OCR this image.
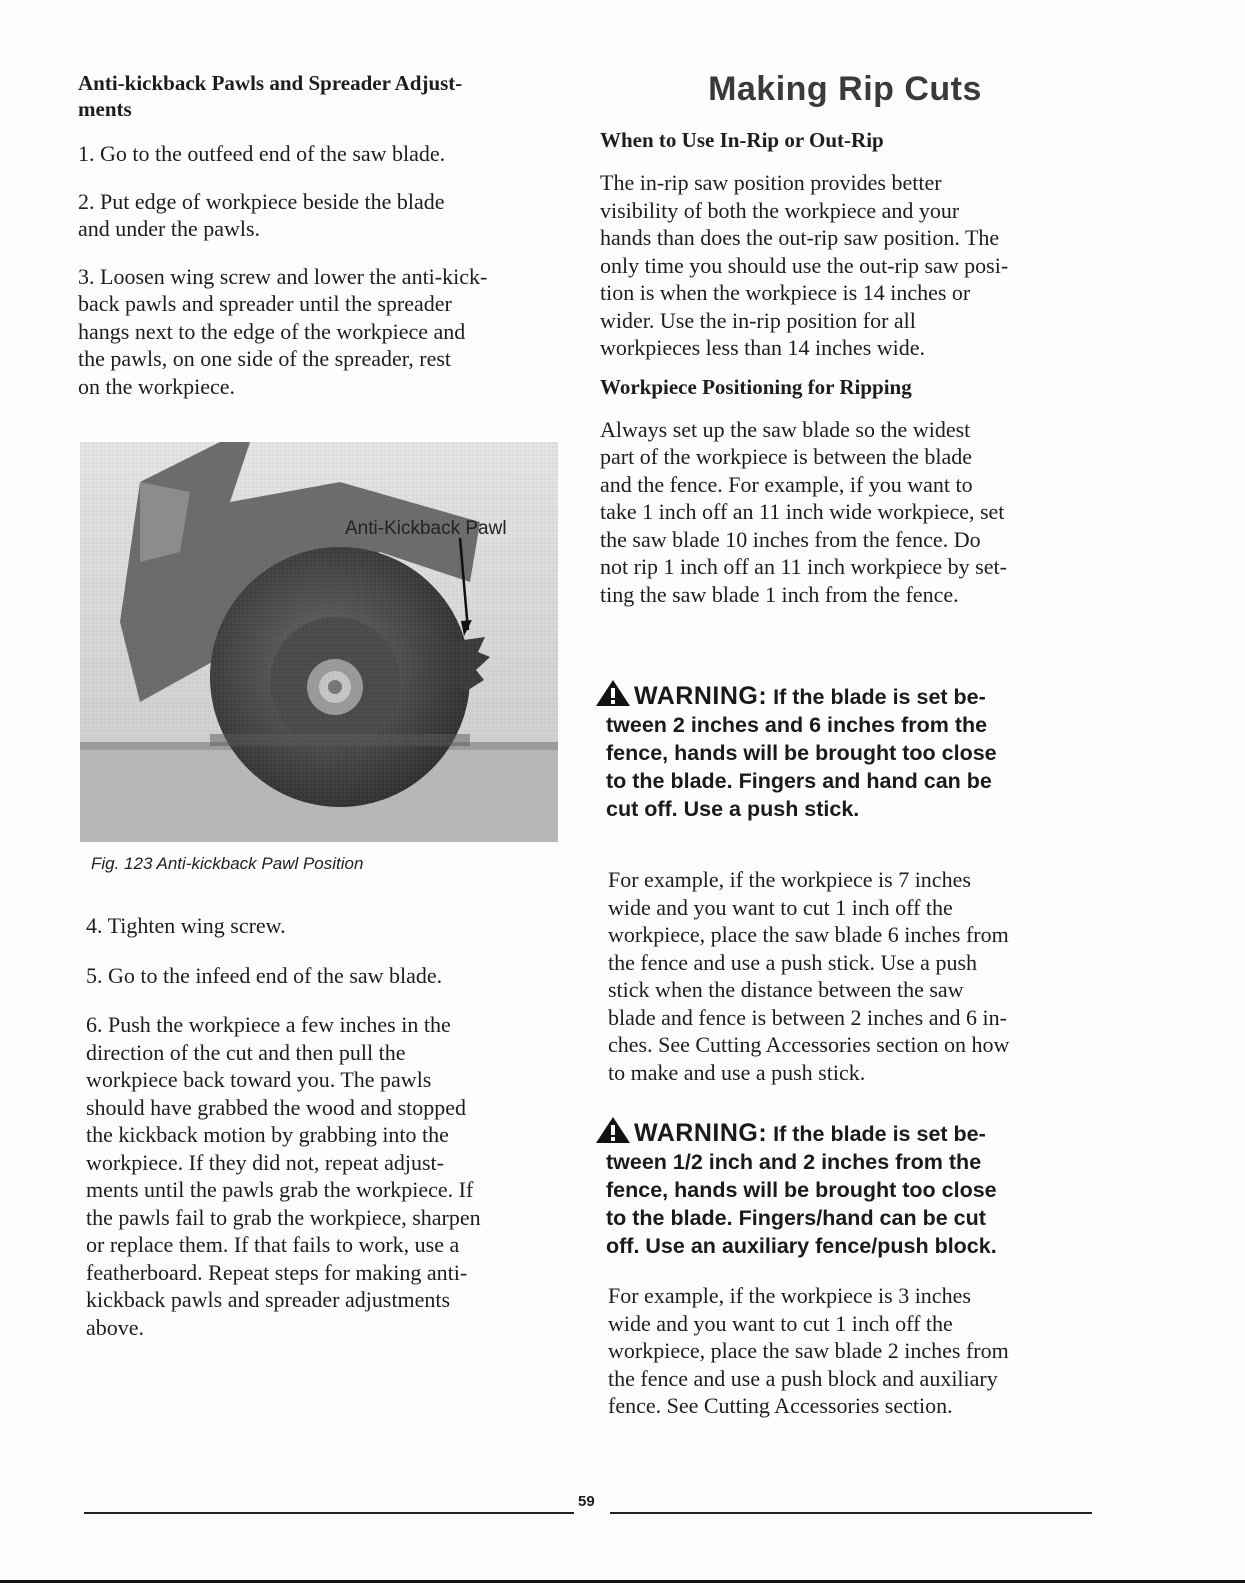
Anti-kickback Pawls and Spreader Adjust-
ments

1. Go to the outfeed end of the saw blade.

2. Put edge of workpiece beside the blade
and under the pawls.

3. Loosen wing screw and lower the anti-kick-
back pawls and spreader until the spreader
hangs next to the edge of the workpiece and
the pawls, on one side of the spreader, rest
on the workpiece.

Anti-Kickback Pawl
Fig. 123 Anti-kickback Pawl Position

4. Tighten wing screw.

5. Go to the infeed end of the saw blade.

6. Push the workpiece a few inches in the
direction of the cut and then pull the
workpiece back toward you. The pawls
should have grabbed the wood and stopped
the kickback motion by grabbing into the
workpiece. If they did not, repeat adjust-
ments until the pawls grab the workpiece. If
the pawls fail to grab the workpiece, sharpen
or replace them. If that fails to work, use a
featherboard. Repeat steps for making anti-
kickback pawls and spreader adjustments
above.

Making Rip Cuts

When to Use In-Rip or Out-Rip

The in-rip saw position provides better
visibility of both the workpiece and your
hands than does the out-rip saw position. The
only time you should use the out-rip saw posi-
tion is when the workpiece is 14 inches or
wider. Use the in-rip position for all
workpieces less than 14 inches wide.

Workpiece Positioning for Ripping

Always set up the saw blade so the widest
part of the workpiece is between the blade
and the fence. For example, if you want to
take 1 inch off an 11 inch wide workpiece, set
the saw blade 10 inches from the fence. Do
not rip 1 inch off an 11 inch workpiece by set-
ting the saw blade 1 inch from the fence.

WARNING: If the blade is set be-
tween 2 inches and 6 inches from the
fence, hands will be brought too close
to the blade. Fingers and hand can be
cut off. Use a push stick.

For example, if the workpiece is 7 inches
wide and you want to cut 1 inch off the
workpiece, place the saw blade 6 inches from
the fence and use a push stick. Use a push
stick when the distance between the saw
blade and fence is between 2 inches and 6 in-
ches. See Cutting Accessories section on how
to make and use a push stick.

WARNING: If the blade is set be-
tween 1/2 inch and 2 inches from the
fence, hands will be brought too close
to the blade. Fingers/hand can be cut
off. Use an auxiliary fence/push block.

For example, if the workpiece is 3 inches
wide and you want to cut 1 inch off the
workpiece, place the saw blade 2 inches from
the fence and use a push block and auxiliary
fence. See Cutting Accessories section.

59
